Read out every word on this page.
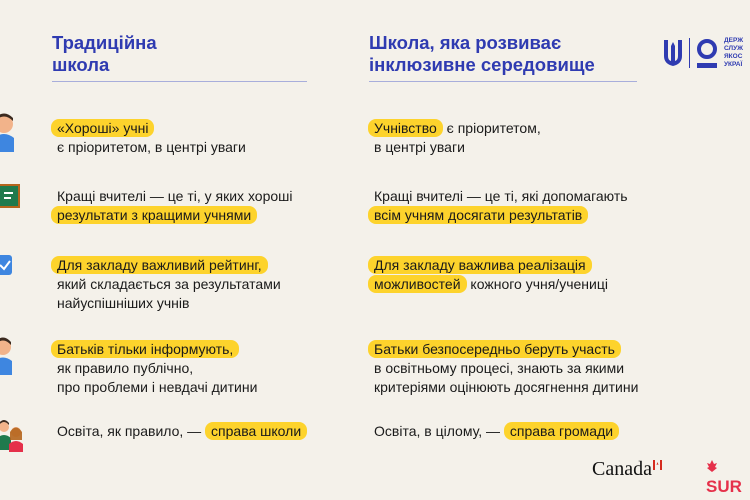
Традиційна
школа
Школа, яка розвиває
інклюзивне середовище
ДЕРЖ
СЛУЖ
ЯКОС
УКРАЇ
«Хороші» учні
є пріоритетом, в центрі уваги
Учнівство є пріоритетом,
в центрі уваги
Кращі вчителі — це ті, у яких хороші
результати з кращими учнями
Кращі вчителі — це ті, які допомагають
всім учням досягати результатів
Для закладу важливий рейтинг,
який складається за результатами
найуспішніших учнів
Для закладу важлива реалізація
можливостей кожного учня/учениці
Батьків тільки інформують,
як правило публічно,
про проблеми і невдачі дитини
Батьки безпосередньо беруть участь
в освітньому процесі, знають за якими
критеріями оцінюють досягнення дитини
Освіта, як правило, — справа школи	Освіта, в цілому, — справа громади
Canada
SUR
